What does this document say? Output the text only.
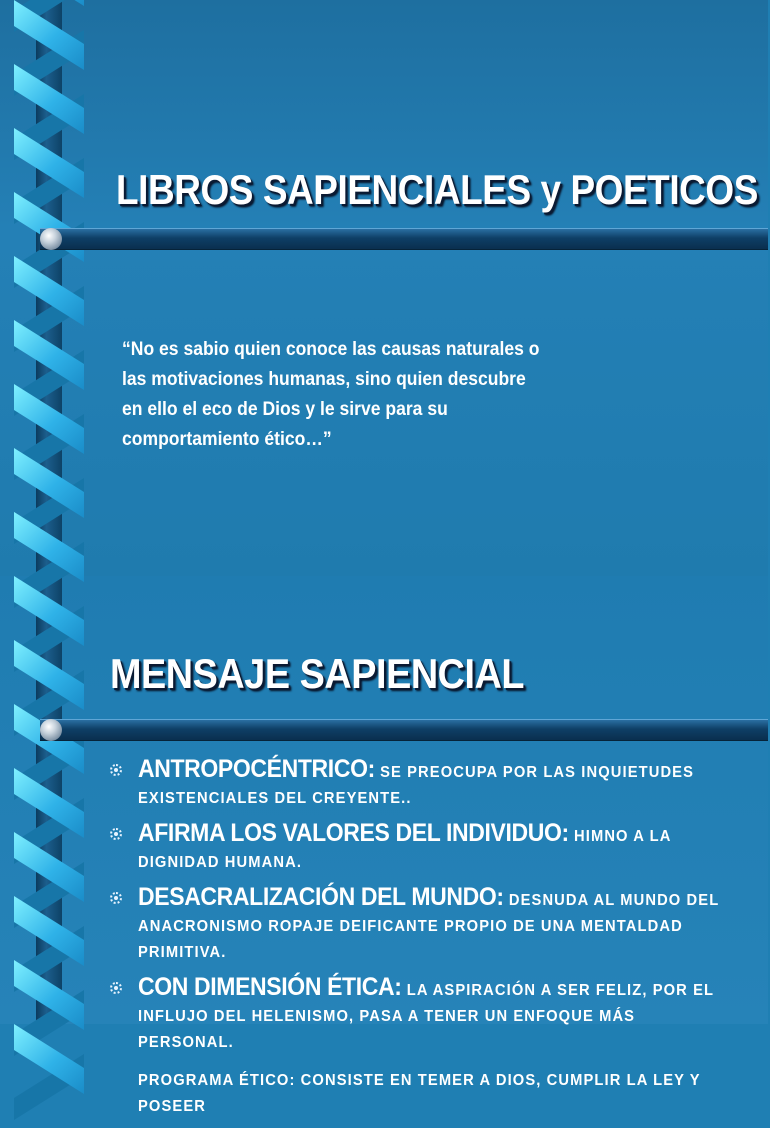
LIBROS SAPIENCIALES y POETICOS

“No es sabio quien conoce las causas naturales o
las motivaciones humanas, sino quien descubre
en ello el eco de Dios y le sirve para su
comportamiento ético…”

MENSAJE SAPIENCIAL
ANTROPOCÉNTRICO: SE PREOCUPA POR LAS INQUIETUDES EXISTENCIALES DEL CREYENTE..
AFIRMA LOS VALORES DEL INDIVIDUO: HIMNO A LA DIGNIDAD HUMANA.
DESACRALIZACIÓN DEL MUNDO: DESNUDA AL MUNDO DEL ANACRONISMO ROPAJE DEIFICANTE PROPIO DE UNA MENTALDAD PRIMITIVA.
CON DIMENSIÓN ÉTICA: LA ASPIRACIÓN A SER FELIZ, POR EL INFLUJO DEL HELENISMO, PASA A TENER UN ENFOQUE MÁS PERSONAL.
PROGRAMA ÉTICO: CONSISTE EN TEMER A DIOS, CUMPLIR LA LEY Y POSEER
